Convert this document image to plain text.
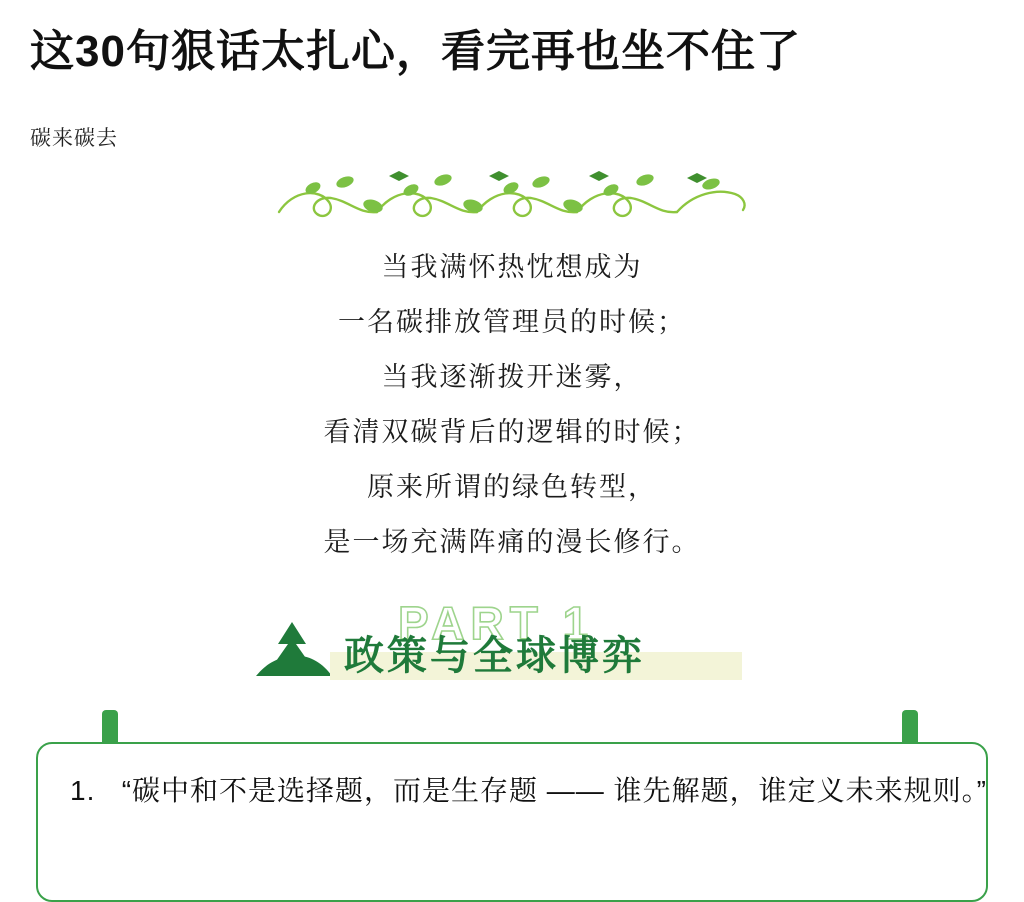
这30句狠话太扎心，看完再也坐不住了
碳来碳去
当我满怀热忱想成为
一名碳排放管理员的时候；
当我逐渐拨开迷雾，
看清双碳背后的逻辑的时候；
原来所谓的绿色转型，
是一场充满阵痛的漫长修行。
PART 1
政策与全球博弈
1. “碳中和不是选择题，而是生存题 —— 谁先解题，谁定义未来规则。”
